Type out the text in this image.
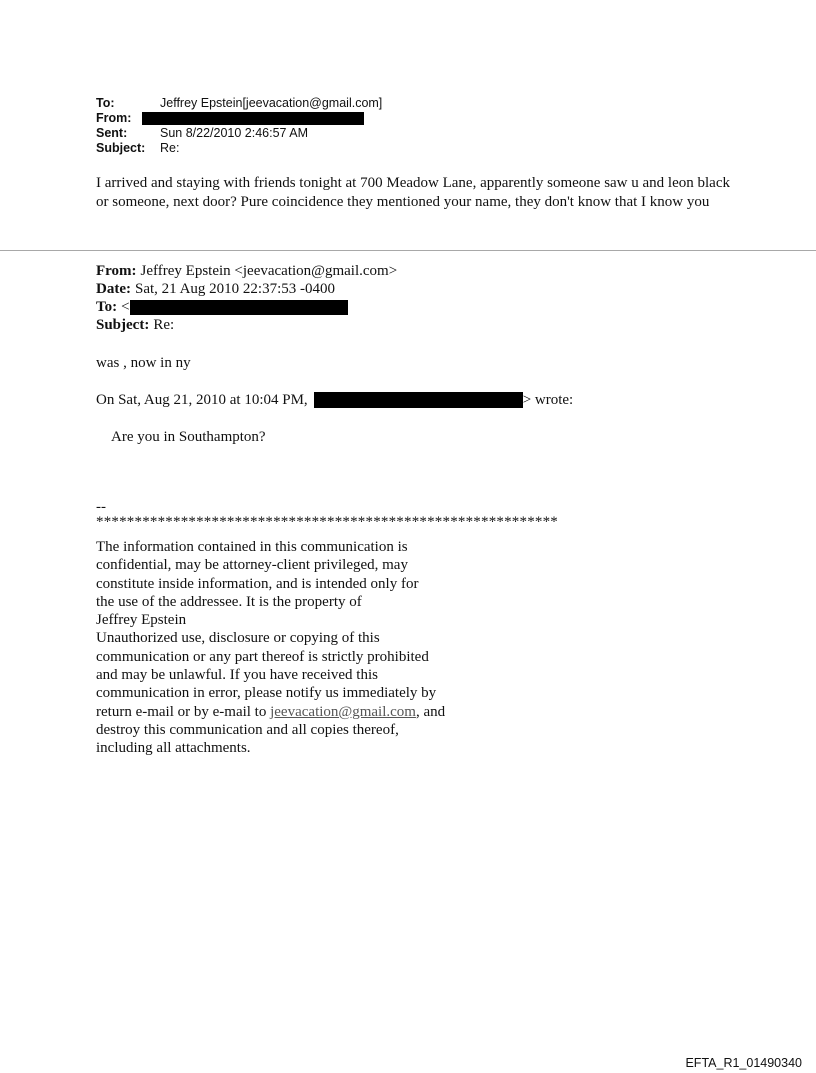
To:	Jeffrey Epstein[jeevacation@gmail.com]
From:
Sent:	Sun 8/22/2010 2:46:57 AM
Subject:	Re:
I arrived and staying with friends tonight at 700 Meadow Lane, apparently someone saw u and leon black or someone, next door? Pure coincidence they mentioned your name, they don't know that I know you
From: Jeffrey Epstein <jeevacation@gmail.com>
Date: Sat, 21 Aug 2010 22:37:53 -0400
To: <
Subject: Re:
was , now in ny
On Sat, Aug 21, 2010 at 10:04 PM,	> wrote:
Are you in Southampton?
--
************************************************************
The information contained in this communication is
confidential, may be attorney-client privileged, may
constitute inside information, and is intended only for
the use of the addressee. It is the property of
Jeffrey Epstein
Unauthorized use, disclosure or copying of this
communication or any part thereof is strictly prohibited
and may be unlawful. If you have received this
communication in error, please notify us immediately by
return e-mail or by e-mail to jeevacation@gmail.com, and
destroy this communication and all copies thereof,
including all attachments.
EFTA_R1_01490340
